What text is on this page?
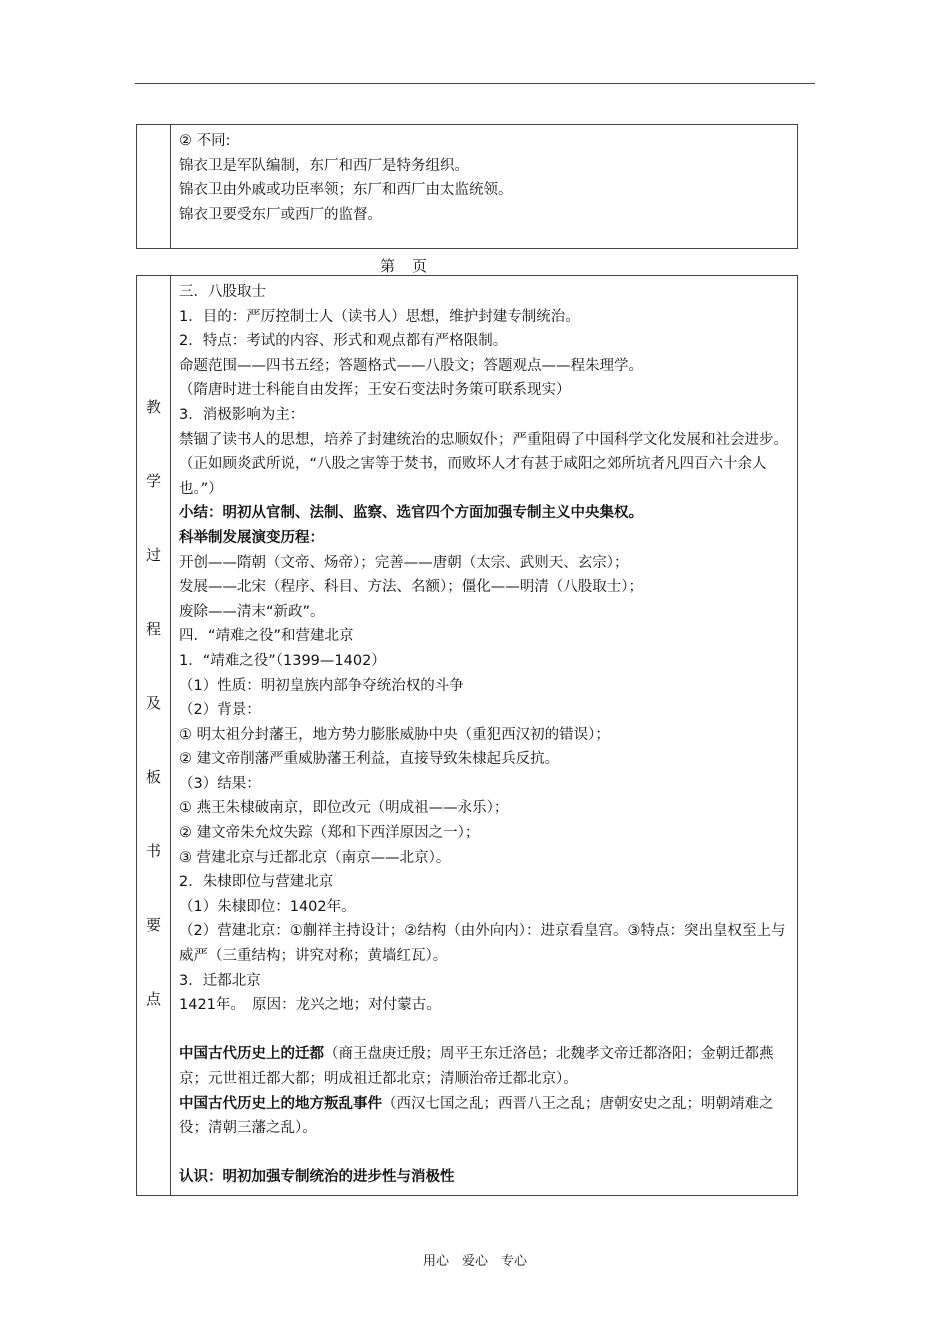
② 不同:
锦衣卫是军队编制，东厂和西厂是特务组织。
锦衣卫由外戚或功臣率领；东厂和西厂由太监统领。
锦衣卫要受东厂或西厂的监督。
第　页
教
学
过
程
及
板
书
要
点

三．八股取士
1．目的：严厉控制士人（读书人）思想，维护封建专制统治。
2．特点：考试的内容、形式和观点都有严格限制。
命题范围——四书五经；答题格式——八股文；答题观点——程朱理学。
（隋唐时进士科能自由发挥；王安石变法时务策可联系现实）
3．消极影响为主：
禁锢了读书人的思想，培养了封建统治的忠顺奴仆；严重阻碍了中国科学文化发展和社会进步。（正如顾炎武所说，“八股之害等于焚书，而败坏人才有甚于咸阳之郊所坑者凡四百六十余人也。”）
小结：明初从官制、法制、监察、选官四个方面加强专制主义中央集权。
科举制发展演变历程：
开创——隋朝（文帝、炀帝）；完善——唐朝（太宗、武则天、玄宗）；
发展——北宋（程序、科目、方法、名额）；僵化——明清（八股取士）；
废除——清末“新政”。
四．“靖难之役”和营建北京
1．“靖难之役”（1399—1402）
（1）性质：明初皇族内部争夺统治权的斗争
（2）背景：
① 明太祖分封藩王，地方势力膨胀威胁中央（重犯西汉初的错误）；
② 建文帝削藩严重威胁藩王利益，直接导致朱棣起兵反抗。
（3）结果：
① 燕王朱棣破南京，即位改元（明成祖——永乐）；
② 建文帝朱允炆失踪（郑和下西洋原因之一）；
③ 营建北京与迁都北京（南京——北京）。
2．朱棣即位与营建北京
（1）朱棣即位：1402年。
（2）营建北京：①蒯祥主持设计；②结构（由外向内）：进京看皇宫。③特点：突出皇权至上与威严（三重结构；讲究对称；黄墙红瓦）。
3．迁都北京
1421年。　原因：龙兴之地；对付蒙古。
中国古代历史上的迁都（商王盘庚迁殷；周平王东迁洛邑；北魏孝文帝迁都洛阳；金朝迁都燕京；元世祖迁都大都；明成祖迁都北京；清顺治帝迁都北京）。
中国古代历史上的地方叛乱事件（西汉七国之乱；西晋八王之乱；唐朝安史之乱；明朝靖难之役；清朝三藩之乱）。
认识：明初加强专制统治的进步性与消极性
用心　爱心　专心
